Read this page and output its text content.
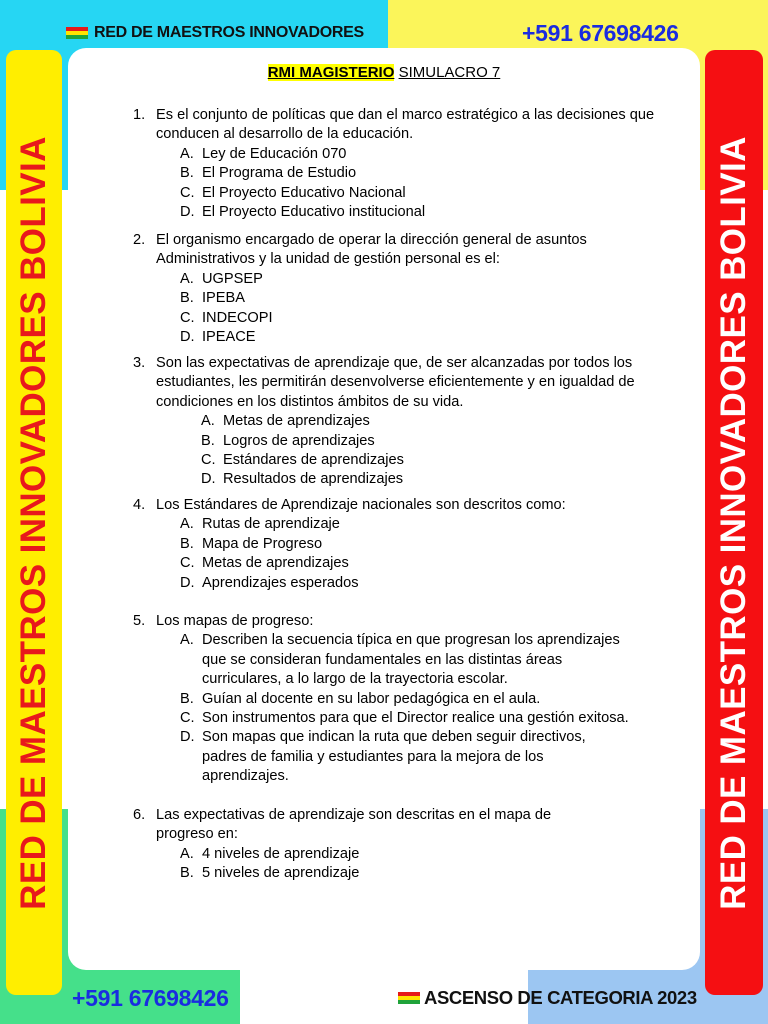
RED DE MAESTROS INNOVADORES BOLIVIA	RED DE MAESTROS INNOVADORES BOLIVIA
RED DE MAESTROS INNOVADORES	+591 67698426
RMI MAGISTERIO SIMULACRO 7
1. Es el conjunto de políticas que dan el marco estratégico a las decisiones que conducen al desarrollo de la educación.
A. Ley de Educación 070
B. El Programa de Estudio
C. El Proyecto Educativo Nacional
D. El Proyecto Educativo institucional
2. El organismo encargado de operar la dirección general de asuntos Administrativos y la unidad de gestión personal es el:
A. UGPSEP
B. IPEBA
C. INDECOPI
D. IPEACE
3. Son las expectativas de aprendizaje que, de ser alcanzadas por todos los estudiantes, les permitirán desenvolverse eficientemente y en igualdad de condiciones en los distintos ámbitos de su vida.
A. Metas de aprendizajes
B. Logros de aprendizajes
C. Estándares de aprendizajes
D. Resultados de aprendizajes
4. Los Estándares de Aprendizaje nacionales son descritos como:
A. Rutas de aprendizaje
B. Mapa de Progreso
C. Metas de aprendizajes
D. Aprendizajes esperados
5. Los mapas de progreso:
A. Describen la secuencia típica en que progresan los aprendizajes que se consideran fundamentales en las distintas áreas curriculares, a lo largo de la trayectoria escolar.
B. Guían al docente en su labor pedagógica en el aula.
C. Son instrumentos para que el Director realice una gestión exitosa.
D. Son mapas que indican la ruta que deben seguir directivos, padres de familia y estudiantes para la mejora de los aprendizajes.
6. Las expectativas de aprendizaje son descritas en el mapa de progreso en:
A. 4 niveles de aprendizaje
B. 5 niveles de aprendizaje
+591 67698426	ASCENSO DE CATEGORIA 2023
